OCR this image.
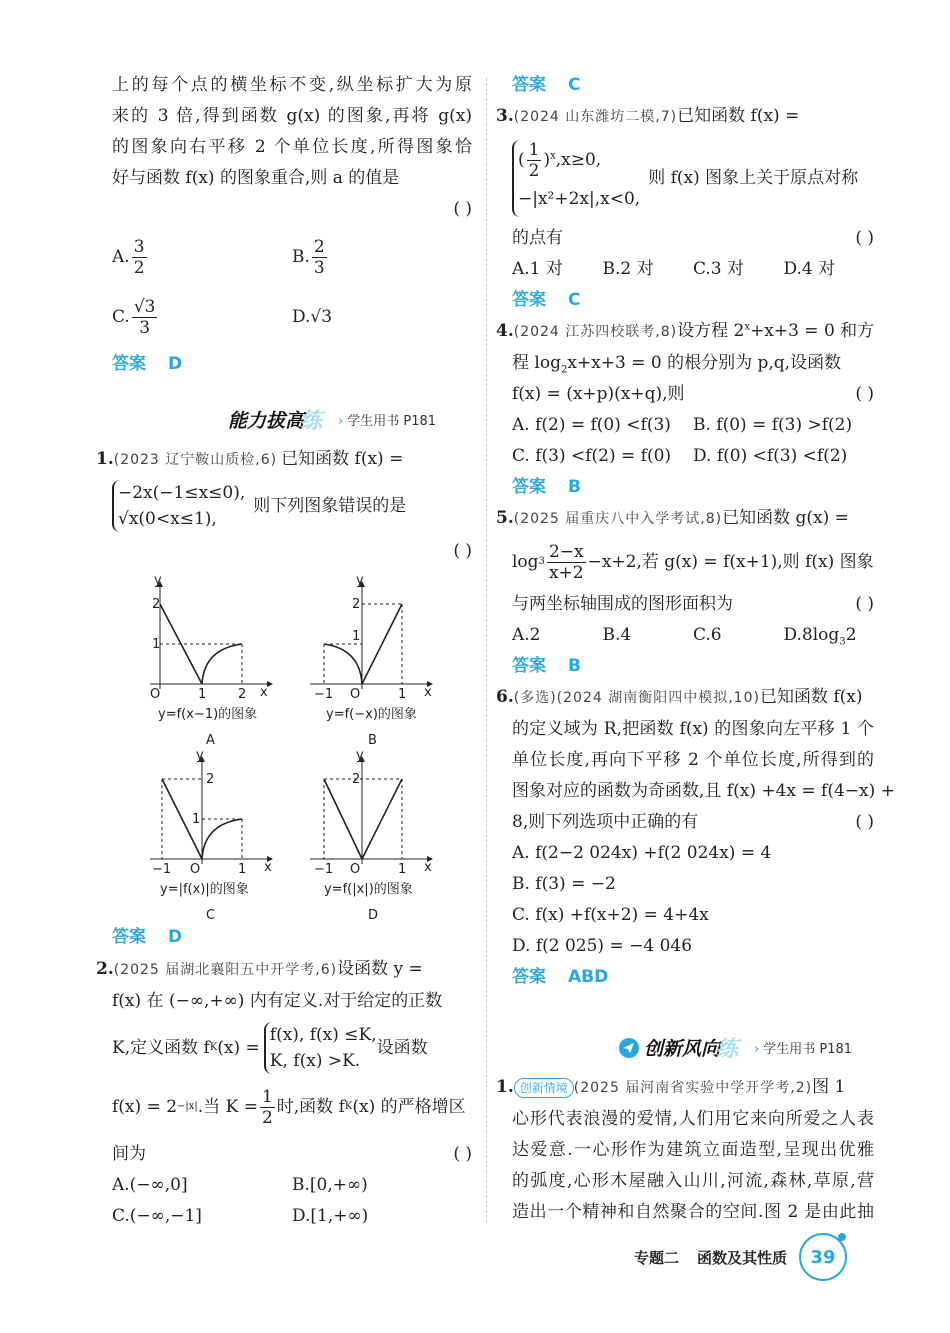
上的每个点的横坐标不变,纵坐标扩大为原
来的 3 倍,得到函数 g(x) 的图象,再将 g(x)
的图象向右平移 2 个单位长度,所得图象恰
好与函数 f(x) 的图象重合,则 a 的值是
( )

A. $\frac{3}{2}$	B. $\frac{2}{3}$
C. $\frac{√3}{3}$	D.√3
答案 D
能力拔高
练 › 学生用书 P181
1.(2023 辽宁鞍山质检,6) 已知函数 f(x) =
−2x(−1≤x≤0),
√x(0<x≤1),
则下列图象错误的是
( )

y
x
O
2
1
1 2
y=f(x−1)的图象
A
y
x
O
2
1
−1	1
y=f(−x)的图象
B
y
x
O
2
1
−1	1
y=|f(x)|的图象
C
y
x
O
2
−1	1
y=f(|x|)的图象
D
答案 D
2.(2025 届湖北襄阳五中开学考,6)设函数 y =
f(x) 在 (−∞,+∞) 内有定义.对于给定的正数
K,定义函数 f K (x) =
f(x), f(x) ≤K,
K, f(x) >K.
设函数
f(x) = 2 −|x| .当 $K = \frac{1}{2}$ 时,函数 f K (x) 的严格增区
间为	( )
A.(−∞,0]	B.[0,+∞)
C.(−∞,−1]	D.[1,+∞)
答案 C
3.(2024 山东潍坊二模,7)已知函数 f(x) =
( $\frac{1}{2} )^x,x\ge 0$,
−|x²+2x|,x<0,
则 f(x) 图象上关于原点对称
的点有	( )
A.1 对	B.2 对	C.3 对	D.4 对
答案 C
4.(2024 江苏四校联考,8)设方程 $2^x+x+3 = 0$ 和方
程 $\log_2x+x+3 = 0$ 的根分别为 p,q,设函数
f(x) = (x+p)(x+q),则	( )
A. f(2) = f(0) <f(3)	B. f(0) = f(3) >f(2)
C. f(3) <f(2) = f(0)	D. f(0) <f(3) <f(2)
答案 B
5.(2025 届重庆八中入学考试,8)已知函数 g(x) =
$\log 3 \frac{2-x}{x+2} -x+2$,若 g(x) = f(x+1),则 f(x) 图象
与两坐标轴围成的图形面积为	( )
A.2	B.4	C.6	$D.8\log_32$
答案 B
6.(多选)(2024 湖南衡阳四中模拟,10)已知函数 f(x)
的定义域为 R,把函数 f(x) 的图象向左平移 1 个
单位长度,再向下平移 2 个单位长度,所得到的
图象对应的函数为奇函数,且 f(x) +4x = f(4−x) +
8,则下列选项中正确的有	( )
A. f(2−2 024x) +f(2 024x) = 4
B. f(3) = −2
C. f(x) +f(x+2) = 4+4x
D. f(2 025) = −4 046
答案 ABD
创新风向
练 › 学生用书 P181
1. 创新情境 (2025 届河南省实验中学开学考,2)图 1
心形代表浪漫的爱情,人们用它来向所爱之人表
达爱意.一心形作为建筑立面造型,呈现出优雅
的弧度,心形木屋融入山川,河流,森林,草原,营
造出一个精神和自然聚合的空间.图 2 是由此抽
专题二 函数及其性质	39
